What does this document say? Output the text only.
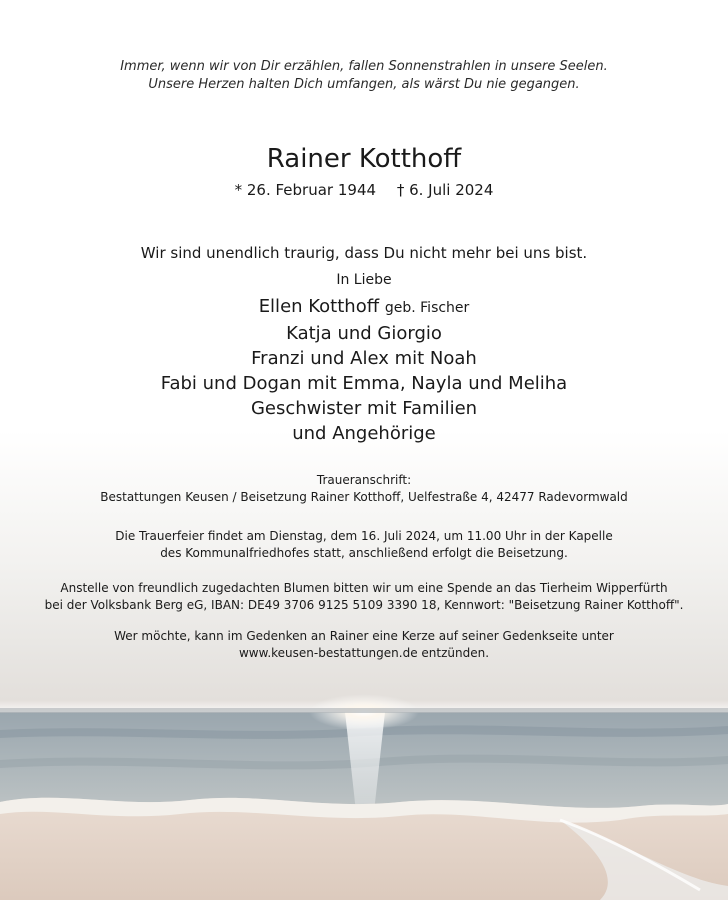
Immer, wenn wir von Dir erzählen, fallen Sonnenstrahlen in unsere Seelen.
Unsere Herzen halten Dich umfangen, als wärst Du nie gegangen.
Rainer Kotthoff
* 26. Februar 1944 † 6. Juli 2024
Wir sind unendlich traurig, dass Du nicht mehr bei uns bist.
In Liebe
Ellen Kotthoff geb. Fischer
Katja und Giorgio
Franzi und Alex mit Noah
Fabi und Dogan mit Emma, Nayla und Meliha
Geschwister mit Familien
und Angehörige
Traueranschrift:
Bestattungen Keusen / Beisetzung Rainer Kotthoff, Uelfestraße 4, 42477 Radevormwald
Die Trauerfeier findet am Dienstag, dem 16. Juli 2024, um 11.00 Uhr in der Kapelle
des Kommunalfriedhofes statt, anschließend erfolgt die Beisetzung.
Anstelle von freundlich zugedachten Blumen bitten wir um eine Spende an das Tierheim Wipperfürth
bei der Volksbank Berg eG, IBAN: DE49 3706 9125 5109 3390 18, Kennwort: "Beisetzung Rainer Kotthoff".
Wer möchte, kann im Gedenken an Rainer eine Kerze auf seiner Gedenkseite unter
www.keusen-bestattungen.de entzünden.
